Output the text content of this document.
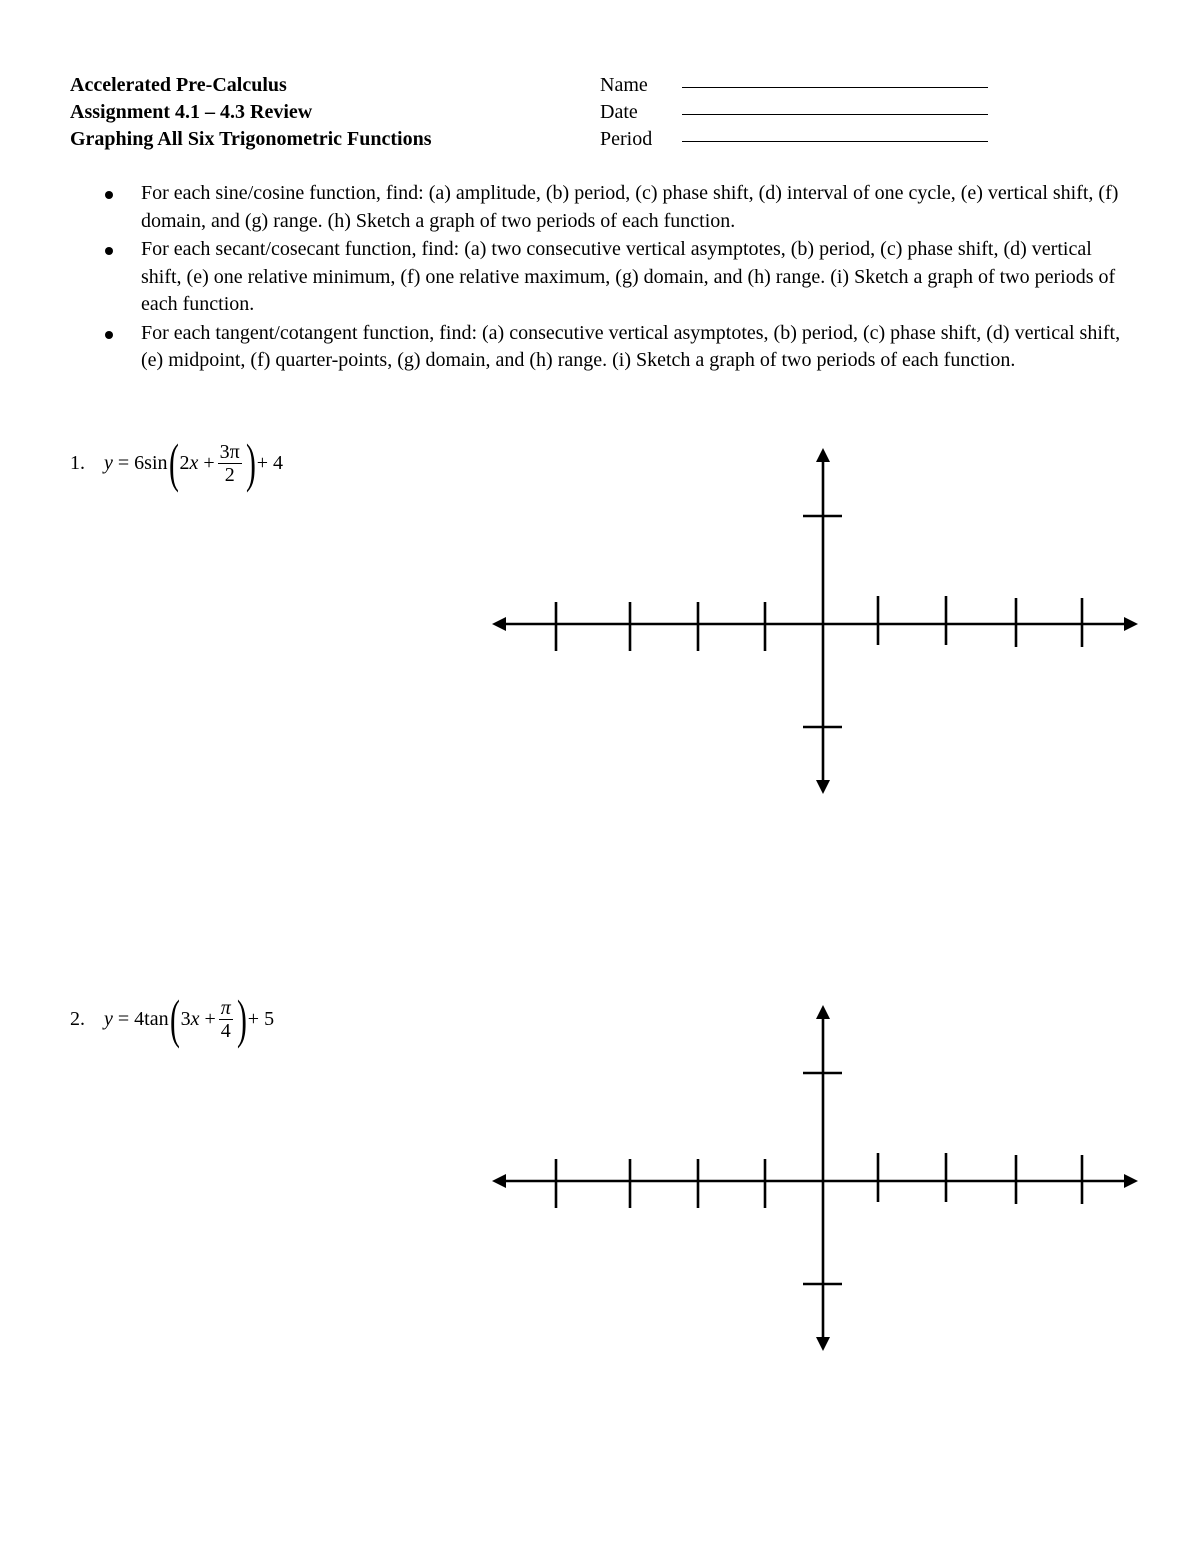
Accelerated Pre-Calculus
Assignment 4.1 – 4.3 Review
Graphing All Six Trigonometric Functions
Name
Date
Period
For each sine/cosine function, find: (a) amplitude, (b) period, (c) phase shift, (d) interval of one cycle, (e) vertical shift, (f) domain, and (g) range. (h) Sketch a graph of two periods of each function.
For each secant/cosecant function, find: (a) two consecutive vertical asymptotes, (b) period, (c) phase shift, (d) vertical shift, (e) one relative minimum, (f) one relative maximum, (g) domain, and (h) range. (i) Sketch a graph of two periods of each function.
For each tangent/cotangent function, find: (a) consecutive vertical asymptotes, (b) period, (c) phase shift, (d) vertical shift, (e) midpoint, (f) quarter-points, (g) domain, and (h) range. (i) Sketch a graph of two periods of each function.
1. y = 6 sin ( 2 $x + \frac{3\pi}{2}$ ) + 4
2. y = 4 tan ( 3 $x + \frac{\pi}{4}$ ) + 5
